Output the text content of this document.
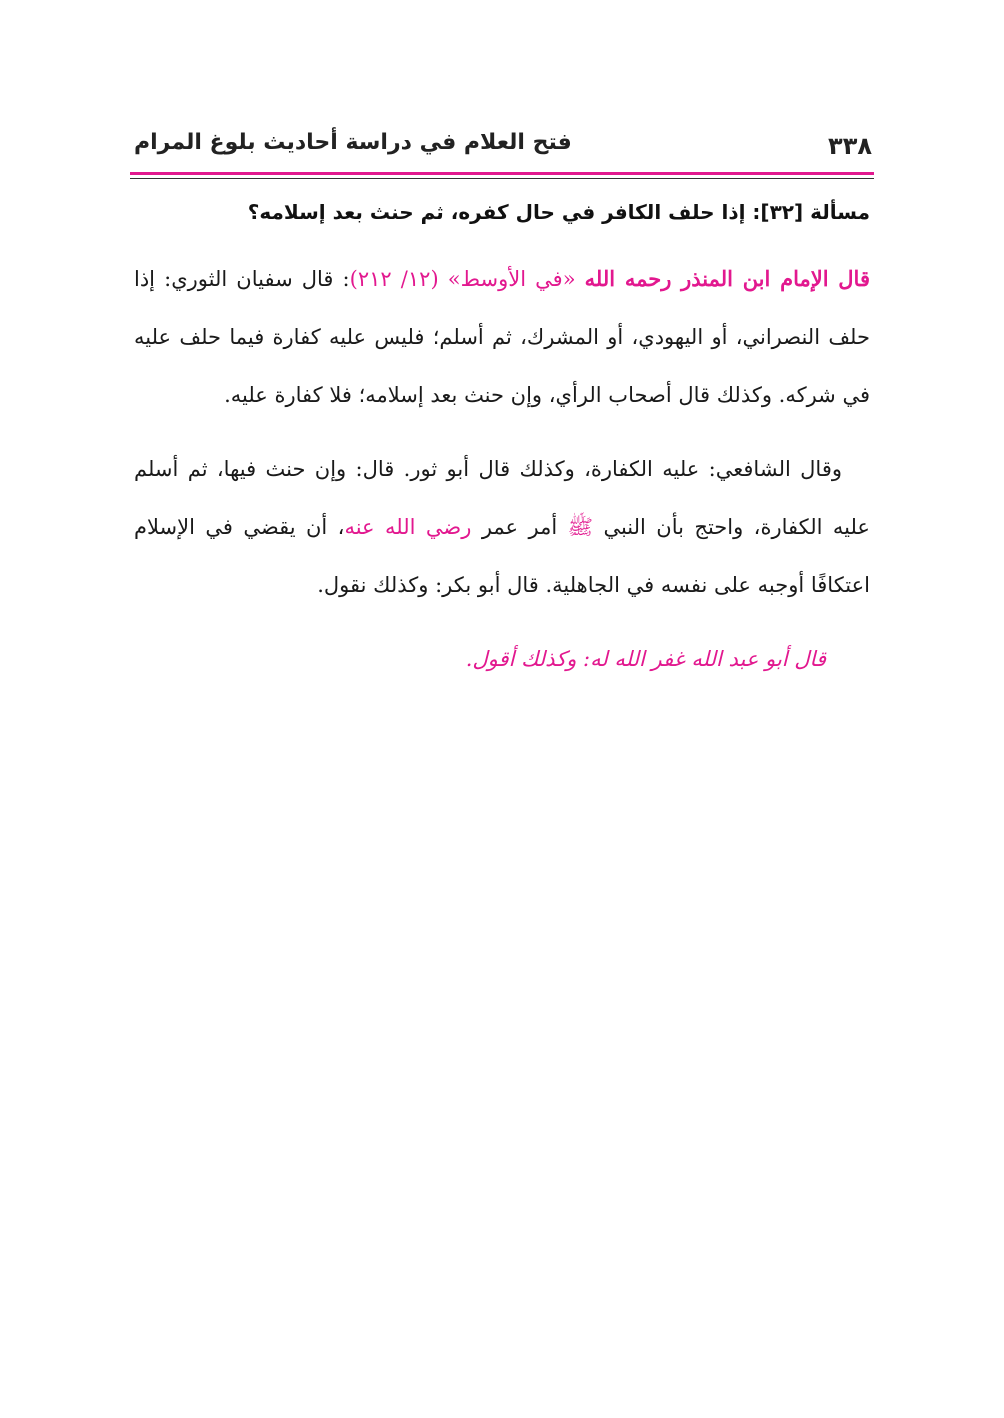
٣٣٨
فتح العلام في دراسة أحاديث بلوغ المرام

مسألة [٣٢]: إذا حلف الكافر في حال كفره، ثم حنث بعد إسلامه؟

قال الإمام ابن المنذر رحمه الله «في الأوسط» (١٢/ ٢١٢): قال سفيان الثوري: إذا حلف النصراني، أو اليهودي، أو المشرك، ثم أسلم؛ فليس عليه كفارة فيما حلف عليه في شركه. وكذلك قال أصحاب الرأي، وإن حنث بعد إسلامه؛ فلا كفارة عليه.

وقال الشافعي: عليه الكفارة، وكذلك قال أبو ثور. قال: وإن حنث فيها، ثم أسلم عليه الكفارة، واحتج بأن النبي ﷺ أمر عمر رضي الله عنه، أن يقضي في الإسلام اعتكافًا أوجبه على نفسه في الجاهلية. قال أبو بكر: وكذلك نقول.

قال أبو عبد الله غفر الله له: وكذلك أقول.
